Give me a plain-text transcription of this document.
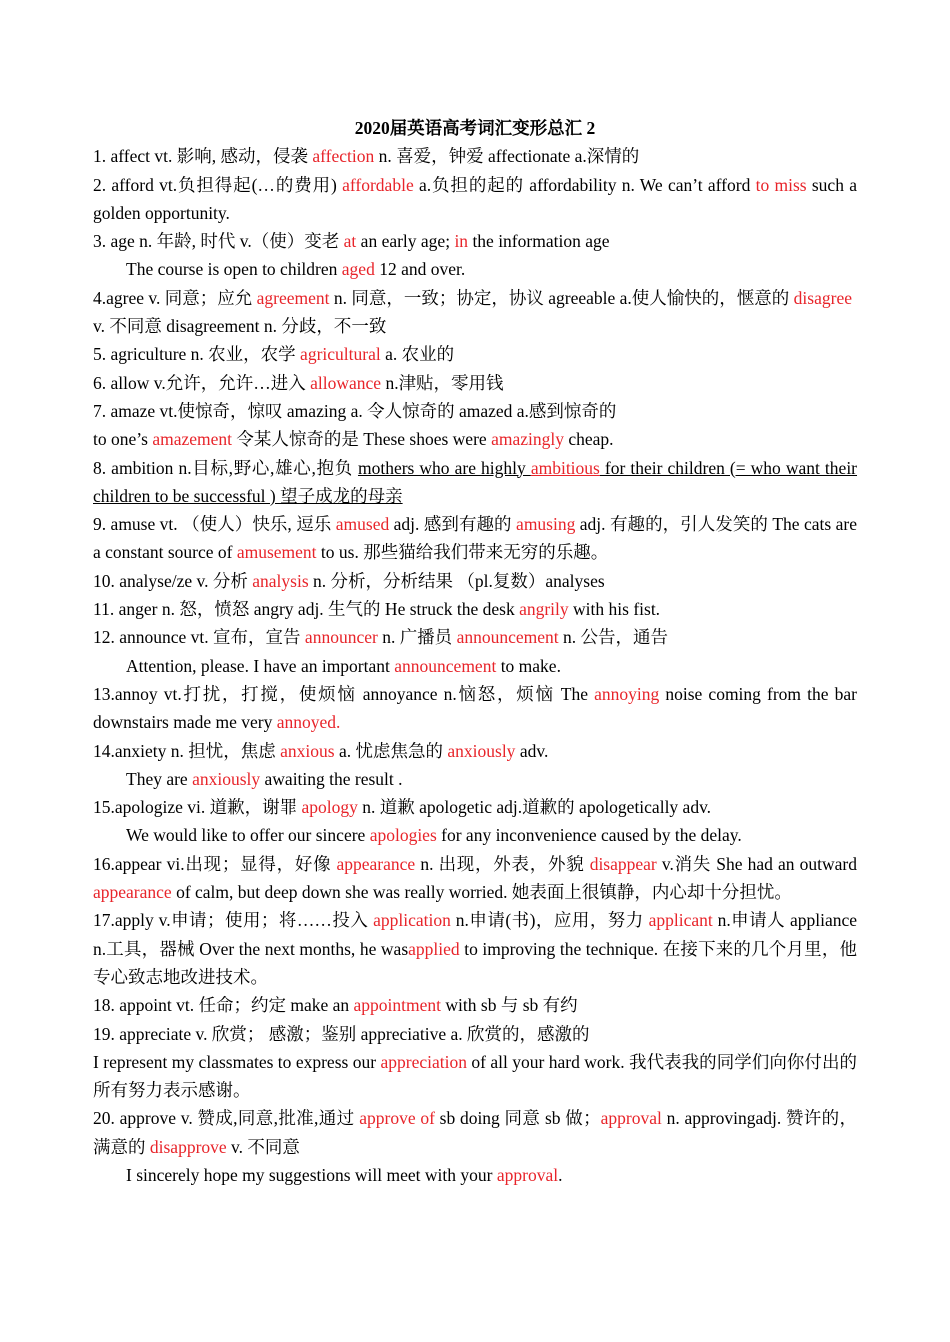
2020届英语高考词汇变形总汇 2
1. affect vt. 影响, 感动，侵袭 affection n. 喜爱，钟爱 affectionate a.深情的
2. afford vt.负担得起(…的费用) affordable a.负担的起的 affordability n. We can’t afford to miss such a golden opportunity.
3. age n. 年龄, 时代 v.（使）变老 at an early age; in the information age
The course is open to children aged 12 and over.
4.agree v. 同意；应允 agreement n. 同意，一致；协定，协议 agreeable a.使人愉快的，惬意的 disagree v. 不同意 disagreement n. 分歧，不一致
5. agriculture n. 农业，农学 agricultural a. 农业的
6. allow v.允许，允许…进入 allowance n.津贴，零用钱
7. amaze vt.使惊奇，惊叹 amazing a. 令人惊奇的 amazed a.感到惊奇的
to one’s amazement 令某人惊奇的是 These shoes were amazingly cheap.
8. ambition n.目标,野心,雄心,抱负 mothers who are highly ambitious for their children (= who want their children to be successful ) 望子成龙的母亲
9. amuse vt. （使人）快乐, 逗乐 amused adj. 感到有趣的 amusing adj. 有趣的，引人发笑的 The cats are a constant source of amusement to us. 那些猫给我们带来无穷的乐趣。
10. analyse/ze v. 分析 analysis n. 分析，分析结果 （pl.复数）analyses
11. anger n. 怒，愤怒 angry adj. 生气的 He struck the desk angrily with his fist.
12. announce vt. 宣布，宣告 announcer n. 广播员 announcement n. 公告，通告
Attention, please. I have an important announcement to make.
13.annoy vt.打扰，打搅，使烦恼 annoyance n.恼怒，烦恼 The annoying noise coming from the bar downstairs made me very annoyed.
14.anxiety n. 担忧，焦虑 anxious a. 忧虑焦急的 anxiously adv.
They are anxiously awaiting the result .
15.apologize vi. 道歉，谢罪 apology n. 道歉 apologetic adj.道歉的 apologetically adv.
We would like to offer our sincere apologies for any inconvenience caused by the delay.
16.appear vi.出现；显得，好像 appearance n. 出现，外表，外貌 disappear v.消失 She had an outward appearance of calm, but deep down she was really worried. 她表面上很镇静，内心却十分担忧。
17.apply v.申请；使用；将……投入 application n.申请(书)，应用，努力 applicant n.申请人 appliance n.工具，器械 Over the next months, he wasapplied to improving the technique. 在接下来的几个月里，他专心致志地改进技术。
18. appoint vt. 任命；约定 make an appointment with sb 与 sb 有约
19. appreciate v. 欣赏； 感激；鉴别 appreciative a. 欣赏的，感激的
I represent my classmates to express our appreciation of all your hard work. 我代表我的同学们向你付出的所有努力表示感谢。
20. approve v. 赞成,同意,批准,通过 approve of sb doing 同意 sb 做；approval n. approvingadj. 赞许的，满意的 disapprove v. 不同意
I sincerely hope my suggestions will meet with your approval.
